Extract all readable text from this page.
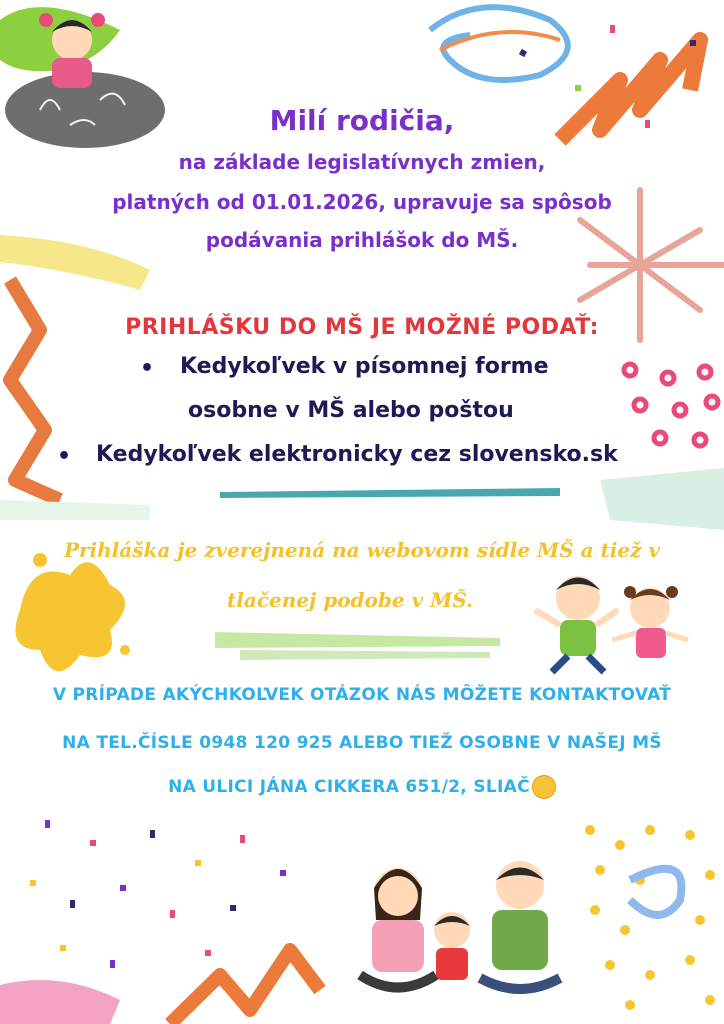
Milí rodičia,
na základe legislatívnych zmien,
platných od 01.01.2026, upravuje sa spôsob
podávania prihlášok do MŠ.
PRIHLÁŠKU DO MŠ JE MOŽNÉ PODAŤ:
• Kedykoľvek v písomnej forme
osobne v MŠ alebo poštou
• Kedykoľvek elektronicky cez slovensko.sk
Prihláška je zverejnená na webovom sídle MŠ a tiež v
tlačenej podobe v MŠ.
V PRÍPADE AKÝCHKOĽVEK OTÁZOK NÁS MÔŽETE KONTAKTOVAŤ
NA TEL.ČÍSLE 0948 120 925 ALEBO TIEŽ OSOBNE V NAŠEJ MŠ
NA ULICI JÁNA CIKKERA 651/2, SLIAČ
